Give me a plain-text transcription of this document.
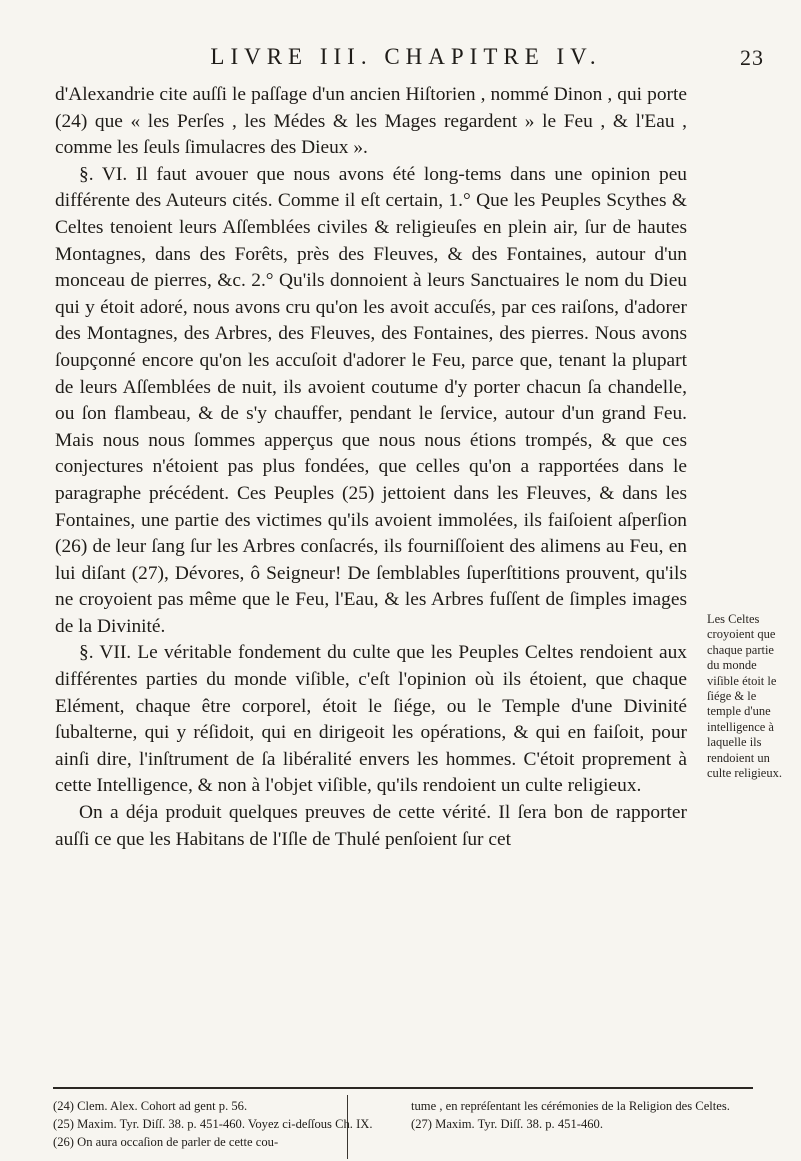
LIVRE III. CHAPITRE IV.	23

d'Alexandrie cite auſſi le paſſage d'un ancien Hiſtorien , nommé Dinon , qui porte (24) que « les Perſes , les Médes & les Mages regardent » le Feu , & l'Eau , comme les ſeuls ſimulacres des Dieux ».

§. VI. Il faut avouer que nous avons été long-tems dans une opinion peu différente des Auteurs cités. Comme il eſt certain, 1.° Que les Peuples Scythes & Celtes tenoient leurs Aſſemblées civiles & religieuſes en plein air, ſur de hautes Montagnes, dans des Forêts, près des Fleuves, & des Fontaines, autour d'un monceau de pierres, &c. 2.° Qu'ils donnoient à leurs Sanctuaires le nom du Dieu qui y étoit adoré, nous avons cru qu'on les avoit accuſés, par ces raiſons, d'adorer des Montagnes, des Arbres, des Fleuves, des Fontaines, des pierres. Nous avons ſoupçonné encore qu'on les accuſoit d'adorer le Feu, parce que, tenant la plupart de leurs Aſſemblées de nuit, ils avoient coutume d'y porter chacun ſa chandelle, ou ſon flambeau, & de s'y chauffer, pendant le ſervice, autour d'un grand Feu. Mais nous nous ſommes apperçus que nous nous étions trompés, & que ces conjectures n'étoient pas plus fondées, que celles qu'on a rapportées dans le paragraphe précédent. Ces Peuples (25) jettoient dans les Fleuves, & dans les Fontaines, une partie des victimes qu'ils avoient immolées, ils faiſoient aſperſion (26) de leur ſang ſur les Arbres conſacrés, ils fourniſſoient des alimens au Feu, en lui diſant (27), Dévores, ô Seigneur! De ſemblables ſuperſtitions prouvent, qu'ils ne croyoient pas même que le Feu, l'Eau, & les Arbres fuſſent de ſimples images de la Divinité.

§. VII. Le véritable fondement du culte que les Peuples Celtes rendoient aux différentes parties du monde viſible, c'eſt l'opinion où ils étoient, que chaque Elément, chaque être corporel, étoit le ſiége, ou le Temple d'une Divinité ſubalterne, qui y réſidoit, qui en dirigeoit les opérations, & qui en faiſoit, pour ainſi dire, l'inſtrument de ſa libéralité envers les hommes. C'étoit proprement à cette Intelligence, & non à l'objet viſible, qu'ils rendoient un culte religieux.

On a déja produit quelques preuves de cette vérité. Il ſera bon de rapporter auſſi ce que les Habitans de l'Iſle de Thulé penſoient ſur cet

Les Celtes croyoient que chaque partie du monde viſible étoit le ſiége & le temple d'une intelligence à laquelle ils rendoient un culte religieux.

(24) Clem. Alex. Cohort ad gent p. 56.

(25) Maxim. Tyr. Diſſ. 38. p. 451-460. Voyez ci-deſſous Ch. IX.

(26) On aura occaſion de parler de cette cou-

tume , en repréſentant les cérémonies de la Religion des Celtes.

(27) Maxim. Tyr. Diſſ. 38. p. 451-460.
